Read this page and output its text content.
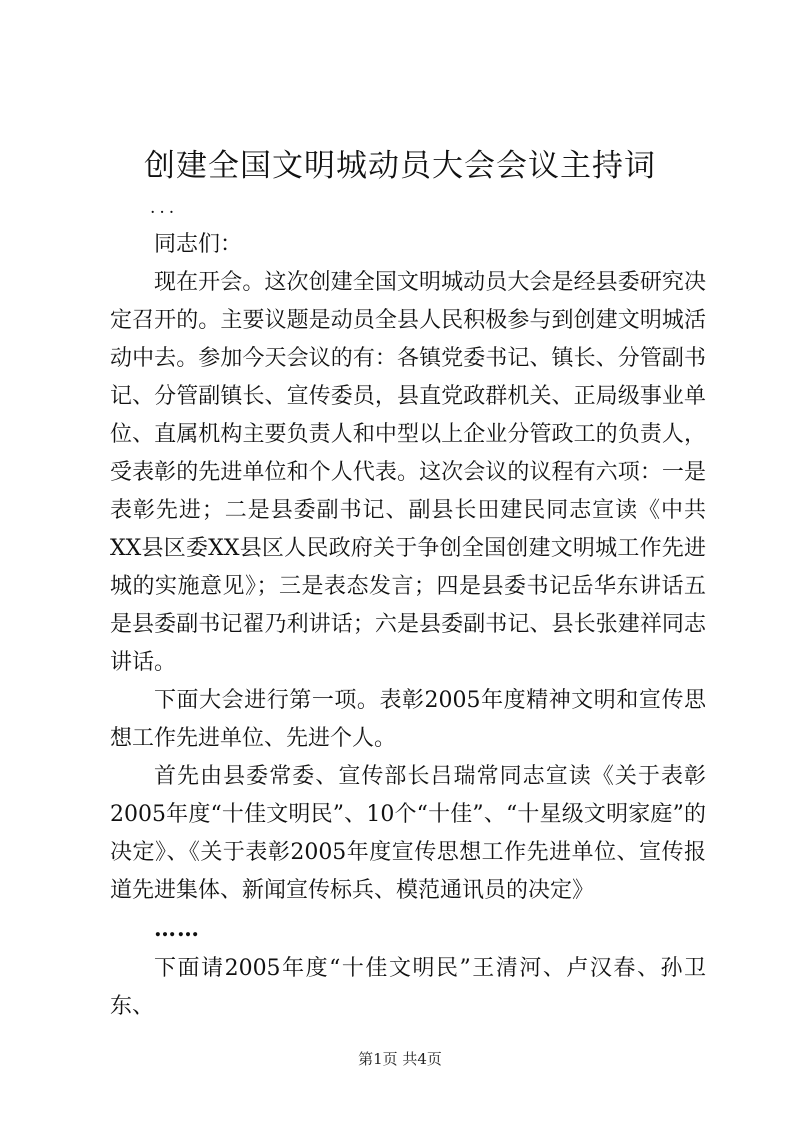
创建全国文明城动员大会会议主持词
...

同志们：

现在开会。这次创建全国文明城动员大会是经县委研究决定召开的。主要议题是动员全县人民积极参与到创建文明城活动中去。参加今天会议的有：各镇党委书记、镇长、分管副书记、分管副镇长、宣传委员，县直党政群机关、正局级事业单位、直属机构主要负责人和中型以上企业分管政工的负责人，受表彰的先进单位和个人代表。这次会议的议程有六项：一是表彰先进；二是县委副书记、副县长田建民同志宣读《中共XX县区委XX县区人民政府关于争创全国创建文明城工作先进城的实施意见》；三是表态发言；四是县委书记岳华东讲话五是县委副书记翟乃利讲话；六是县委副书记、县长张建祥同志讲话。

下面大会进行第一项。表彰2005年度精神文明和宣传思想工作先进单位、先进个人。

首先由县委常委、宣传部长吕瑞常同志宣读《关于表彰2005年度“十佳文明民”、10个“十佳”、“十星级文明家庭”的决定》、《关于表彰2005年度宣传思想工作先进单位、宣传报道先进集体、新闻宣传标兵、模范通讯员的决定》

……

下面请2005年度“十佳文明民”王清河、卢汉春、孙卫东、

第1页 共4页
